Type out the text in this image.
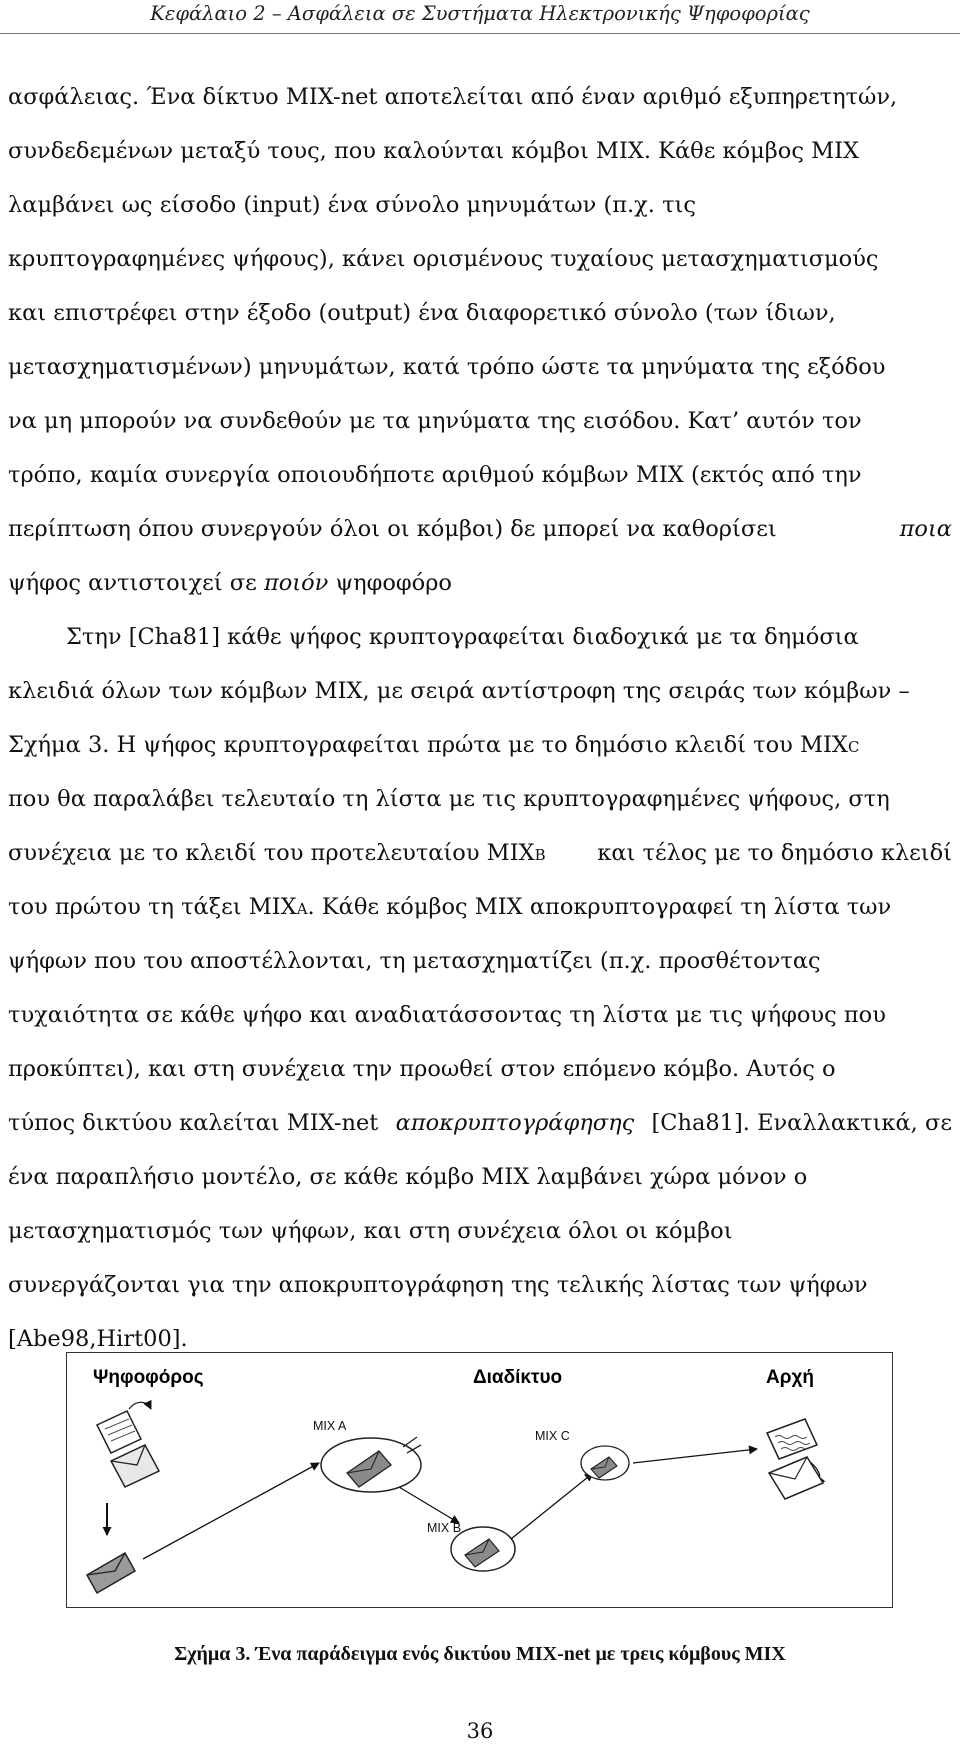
Κεφάλαιο 2 – Ασφάλεια σε Συστήματα Ηλεκτρονικής Ψηφοφορίας
ασφάλειας. Ένα δίκτυο MIX-net αποτελείται από έναν αριθμό εξυπηρετητών,
συνδεδεμένων μεταξύ τους, που καλούνται κόμβοι MIX. Κάθε κόμβος MIX
λαμβάνει ως είσοδο (input) ένα σύνολο μηνυμάτων (π.χ. τις
κρυπτογραφημένες ψήφους), κάνει ορισμένους τυχαίους μετασχηματισμούς
και επιστρέφει στην έξοδο (output) ένα διαφορετικό σύνολο (των ίδιων,
μετασχηματισμένων) μηνυμάτων, κατά τρόπο ώστε τα μηνύματα της εξόδου
να μη μπορούν να συνδεθούν με τα μηνύματα της εισόδου. Κατ’ αυτόν τον
τρόπο, καμία συνεργία οποιουδήποτε αριθμού κόμβων MIX (εκτός από την
περίπτωση όπου συνεργούν όλοι οι κόμβοι) δε μπορεί να καθορίσει	ποια
ψήφος αντιστοιχεί σε
ποιόν
ψηφοφόρο
Στην [Cha81] κάθε ψήφος κρυπτογραφείται διαδοχικά με τα δημόσια
κλειδιά όλων των κόμβων MIX, με σειρά αντίστροφη της σειράς των κόμβων –
Σχήμα 3. Η ψήφος κρυπτογραφείται πρώτα με το δημόσιο κλειδί του MIXC
που θα παραλάβει τελευταίο τη λίστα με τις κρυπτογραφημένες ψήφους, στη
συνέχεια με το κλειδί του προτελευταίου MIXB και τέλος με το δημόσιο κλειδί
του πρώτου τη τάξει MIXA. Κάθε κόμβος MIX αποκρυπτογραφεί τη λίστα των
ψήφων που του αποστέλλονται, τη μετασχηματίζει (π.χ. προσθέτοντας
τυχαιότητα σε κάθε ψήφο και αναδιατάσσοντας τη λίστα με τις ψήφους που
προκύπτει), και στη συνέχεια την προωθεί στον επόμενο κόμβο. Αυτός ο
τύπος δικτύου καλείται MIX-net αποκρυπτογράφησης [Cha81]. Εναλλακτικά, σε
ένα παραπλήσιο μοντέλο, σε κάθε κόμβο MIX λαμβάνει χώρα μόνον ο
μετασχηματισμός των ψήφων, και στη συνέχεια όλοι οι κόμβοι
συνεργάζονται για την αποκρυπτογράφηση της τελικής λίστας των ψήφων
[Abe98,Hirt00].
Ψηφοφόρος	Διαδίκτυο	Αρχή
MIX A
MIX C
MIX B
Σχήμα 3. Ένα παράδειγμα ενός δικτύου MIX-net με τρεις κόμβους MIX
36
